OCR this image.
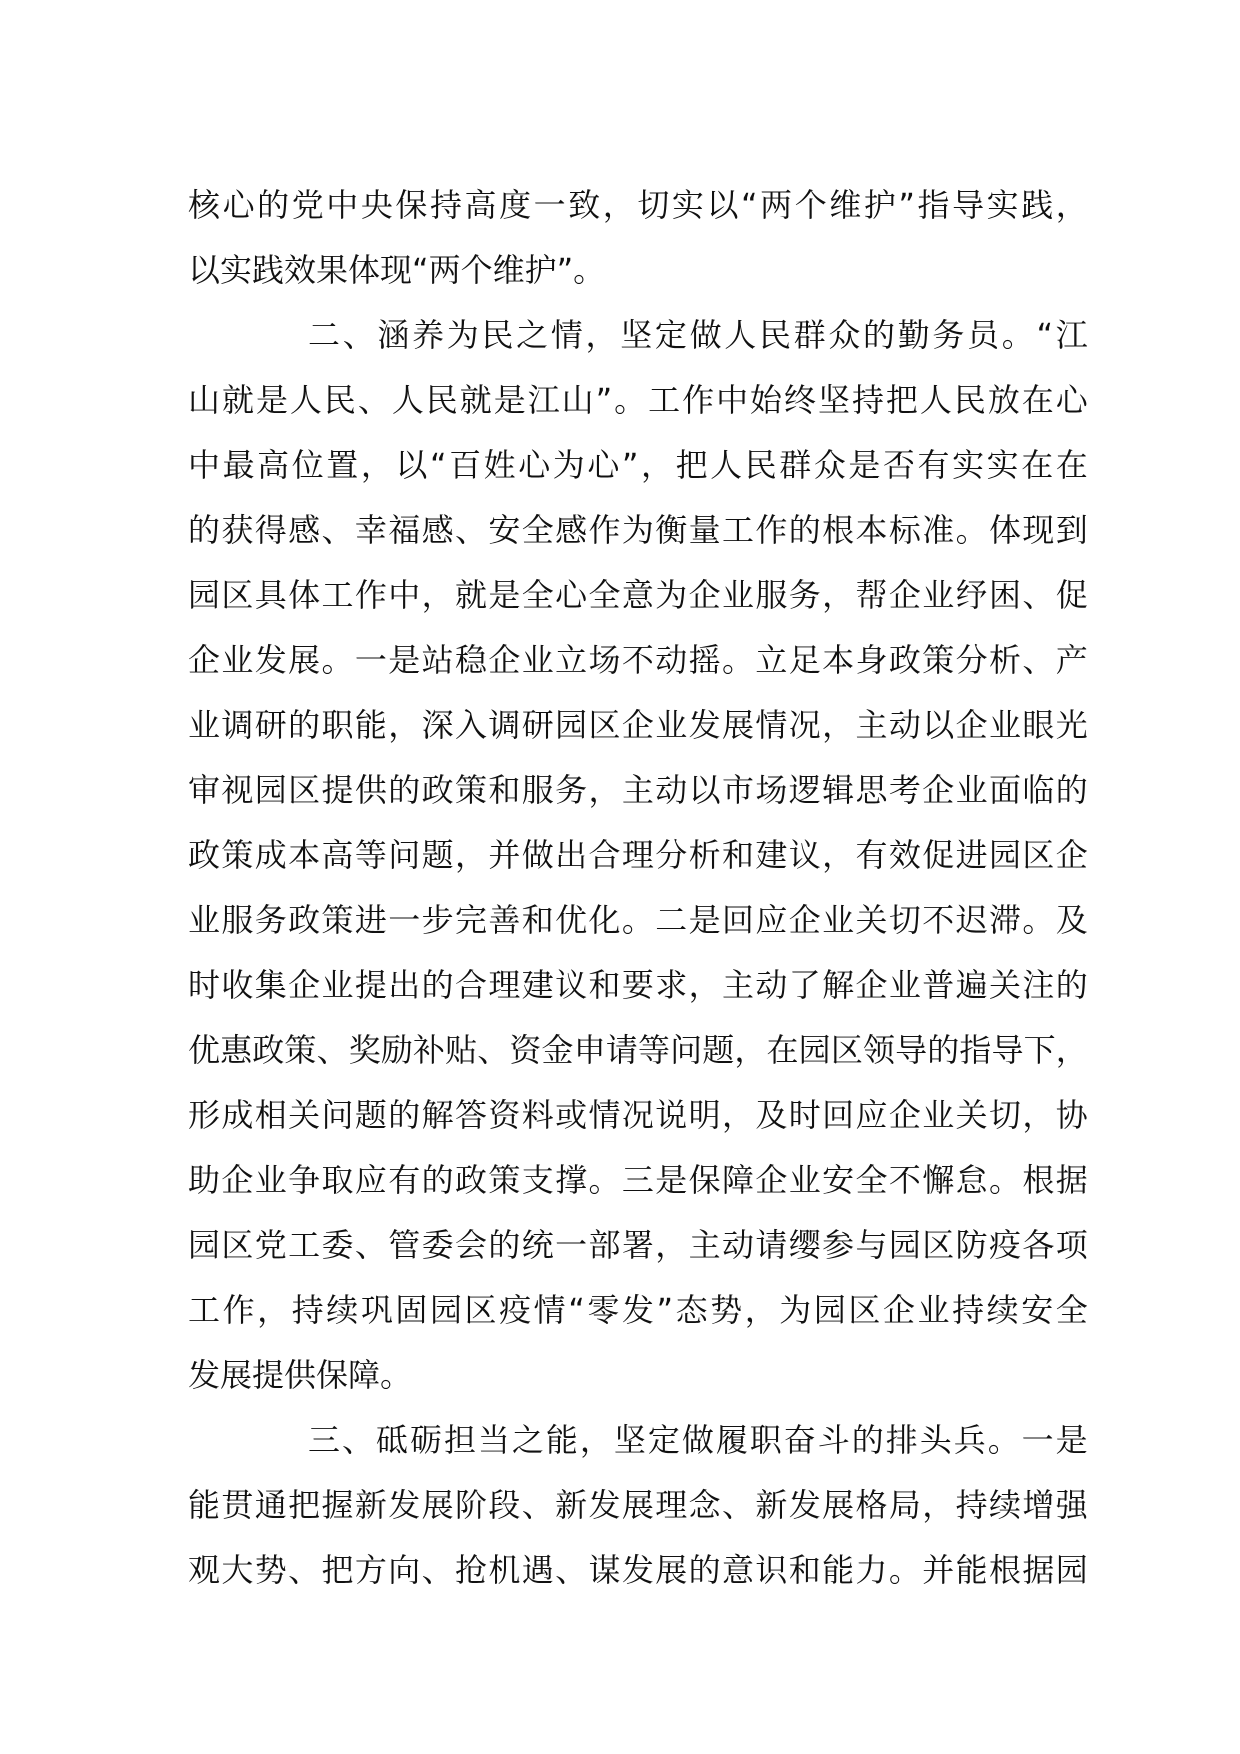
核 心 的 党 中 央 保 持 高 度 一 致 ， 切 实 以 “ 两 个 维 护 ” 指 导 实 践 ，
以实践效果体现“两个维护”。
二 、 涵 养 为 民 之 情 ， 坚 定 做 人 民 群 众 的 勤 务 员 。 “ 江
山 就 是 人 民 、 人 民 就 是 江 山 ” 。 工 作 中 始 终 坚 持 把 人 民 放 在 心
中 最 高 位 置 ， 以 “ 百 姓 心 为 心 ” ， 把 人 民 群 众 是 否 有 实 实 在 在
的 获 得 感 、 幸 福 感 、 安 全 感 作 为 衡 量 工 作 的 根 本 标 准 。 体 现 到
园 区 具 体 工 作 中 ， 就 是 全 心 全 意 为 企 业 服 务 ， 帮 企 业 纾 困 、 促
企 业 发 展 。 一 是 站 稳 企 业 立 场 不 动 摇 。 立 足 本 身 政 策 分 析 、 产
业 调 研 的 职 能 ， 深 入 调 研 园 区 企 业 发 展 情 况 ， 主 动 以 企 业 眼 光
审 视 园 区 提 供 的 政 策 和 服 务 ， 主 动 以 市 场 逻 辑 思 考 企 业 面 临 的
政 策 成 本 高 等 问 题 ， 并 做 出 合 理 分 析 和 建 议 ， 有 效 促 进 园 区 企
业 服 务 政 策 进 一 步 完 善 和 优 化 。 二 是 回 应 企 业 关 切 不 迟 滞 。 及
时 收 集 企 业 提 出 的 合 理 建 议 和 要 求 ， 主 动 了 解 企 业 普 遍 关 注 的
优 惠 政 策 、 奖 励 补 贴 、 资 金 申 请 等 问 题 ， 在 园 区 领 导 的 指 导 下 ，
形 成 相 关 问 题 的 解 答 资 料 或 情 况 说 明 ， 及 时 回 应 企 业 关 切 ， 协
助 企 业 争 取 应 有 的 政 策 支 撑 。 三 是 保 障 企 业 安 全 不 懈 怠 。 根 据
园 区 党 工 委 、 管 委 会 的 统 一 部 署 ， 主 动 请 缨 参 与 园 区 防 疫 各 项
工 作 ， 持 续 巩 固 园 区 疫 情 “ 零 发 ” 态 势 ， 为 园 区 企 业 持 续 安 全
发展提供保障。
三 、 砥 砺 担 当 之 能 ， 坚 定 做 履 职 奋 斗 的 排 头 兵 。 一 是
能 贯 通 把 握 新 发 展 阶 段 、 新 发 展 理 念 、 新 发 展 格 局 ， 持 续 增 强
观 大 势 、 把 方 向 、 抢 机 遇 、 谋 发 展 的 意 识 和 能 力 。 并 能 根 据 园
